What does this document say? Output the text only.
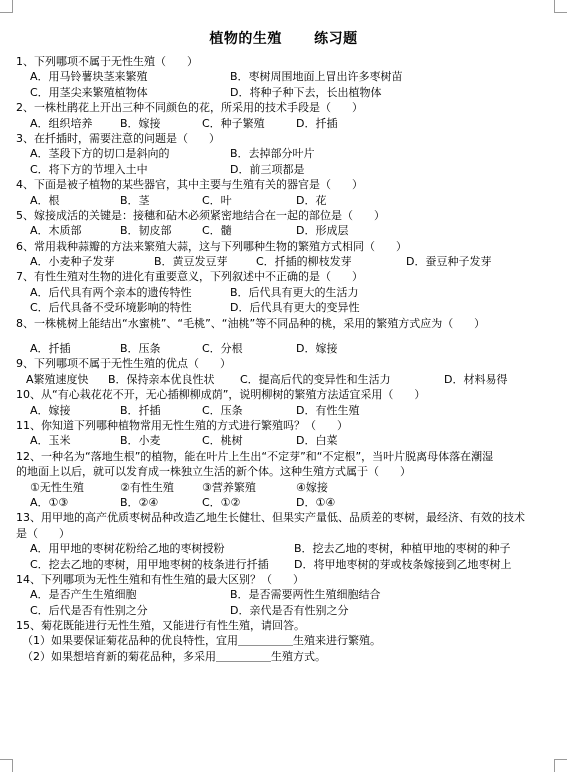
植物的生殖      练习题
1、下列哪项不属于无性生殖（      ）
A．用马铃薯块茎来繁殖	B．枣树周围地面上冒出许多枣树苗
C．用茎尖来繁殖植物体	D．将种子种下去，长出植物体
2、一株杜鹃花上开出三种不同颜色的花，所采用的技术手段是（      ）
A．组织培养 B．嫁接	C．种子繁殖	D．扦插
3、在扦插时，需要注意的问题是（      ）
A．茎段下方的切口是斜向的	B．去掉部分叶片
C．将下方的节埋入土中	D．前三项都是
4、下面是被子植物的某些器官，其中主要与生殖有关的器官是（      ）
A．根	B．茎	C．叶	D．花
5、嫁接成活的关键是：接穗和砧木必须紧密地结合在一起的部位是（      ）
A．木质部	B．韧皮部	C．髓	D．形成层
6、常用栽种蒜瓣的方法来繁殖大蒜，这与下列哪种生物的繁殖方式相同（      ）
A．小麦种子发芽	B．黄豆发豆芽	C．扦插的柳枝发芽	D．蚕豆种子发芽
7、有性生殖对生物的进化有重要意义，下列叙述中不正确的是（      ）
A．后代具有两个亲本的遗传特性	B．后代具有更大的生活力
C．后代具备不受环境影响的特性	D．后代具有更大的变异性
8、一株桃树上能结出“水蜜桃”、“毛桃”、“油桃”等不同品种的桃，采用的繁殖方式应为（      ）
A．扦插	B．压条	C．分根	D．嫁接
9、下列哪项不属于无性生殖的优点（      ）
A繁殖速度快 B．保持亲本优良性状 C．提高后代的变异性和生活力	D．材料易得
10、从“有心栽花花不开，无心插柳柳成荫”，说明柳树的繁殖方法适宜采用（      ）
A．嫁接	B．扦插	C．压条	D．有性生殖
11、你知道下列哪种植物常用无性生殖的方式进行繁殖吗？（      ）
A．玉米	B．小麦	C．桃树	D．白菜
12、一种名为“落地生根”的植物，能在叶片上生出“不定芽”和“不定根”，当叶片脱离母体落在潮湿
的地面上以后，就可以发育成一株独立生活的新个体。这种生殖方式属于（      ）
①无性生殖	②有性生殖	③营养繁殖	④嫁接
A．①③	B．②④	C．①②	D．①④
13、用甲地的高产优质枣树品种改造乙地生长健壮、但果实产量低、品质差的枣树，最经济、有效的技术
是（      ）
A．用甲地的枣树花粉给乙地的枣树授粉	B．挖去乙地的枣树，种植甲地的枣树的种子
C．挖去乙地的枣树，用甲地枣树的枝条进行扦插 D．将甲地枣树的芽或枝条嫁接到乙地枣树上
14、下列哪项为无性生殖和有性生殖的最大区别？（      ）
A．是否产生生殖细胞	B．是否需要两性生殖细胞结合
C．后代是否有性别之分	D．亲代是否有性别之分
15、菊花既能进行无性生殖，又能进行有性生殖，请回答。
（1）如果要保证菊花品种的优良特性，宜用＿＿＿＿＿生殖来进行繁殖。
（2）如果想培育新的菊花品种，多采用＿＿＿＿＿生殖方式。
